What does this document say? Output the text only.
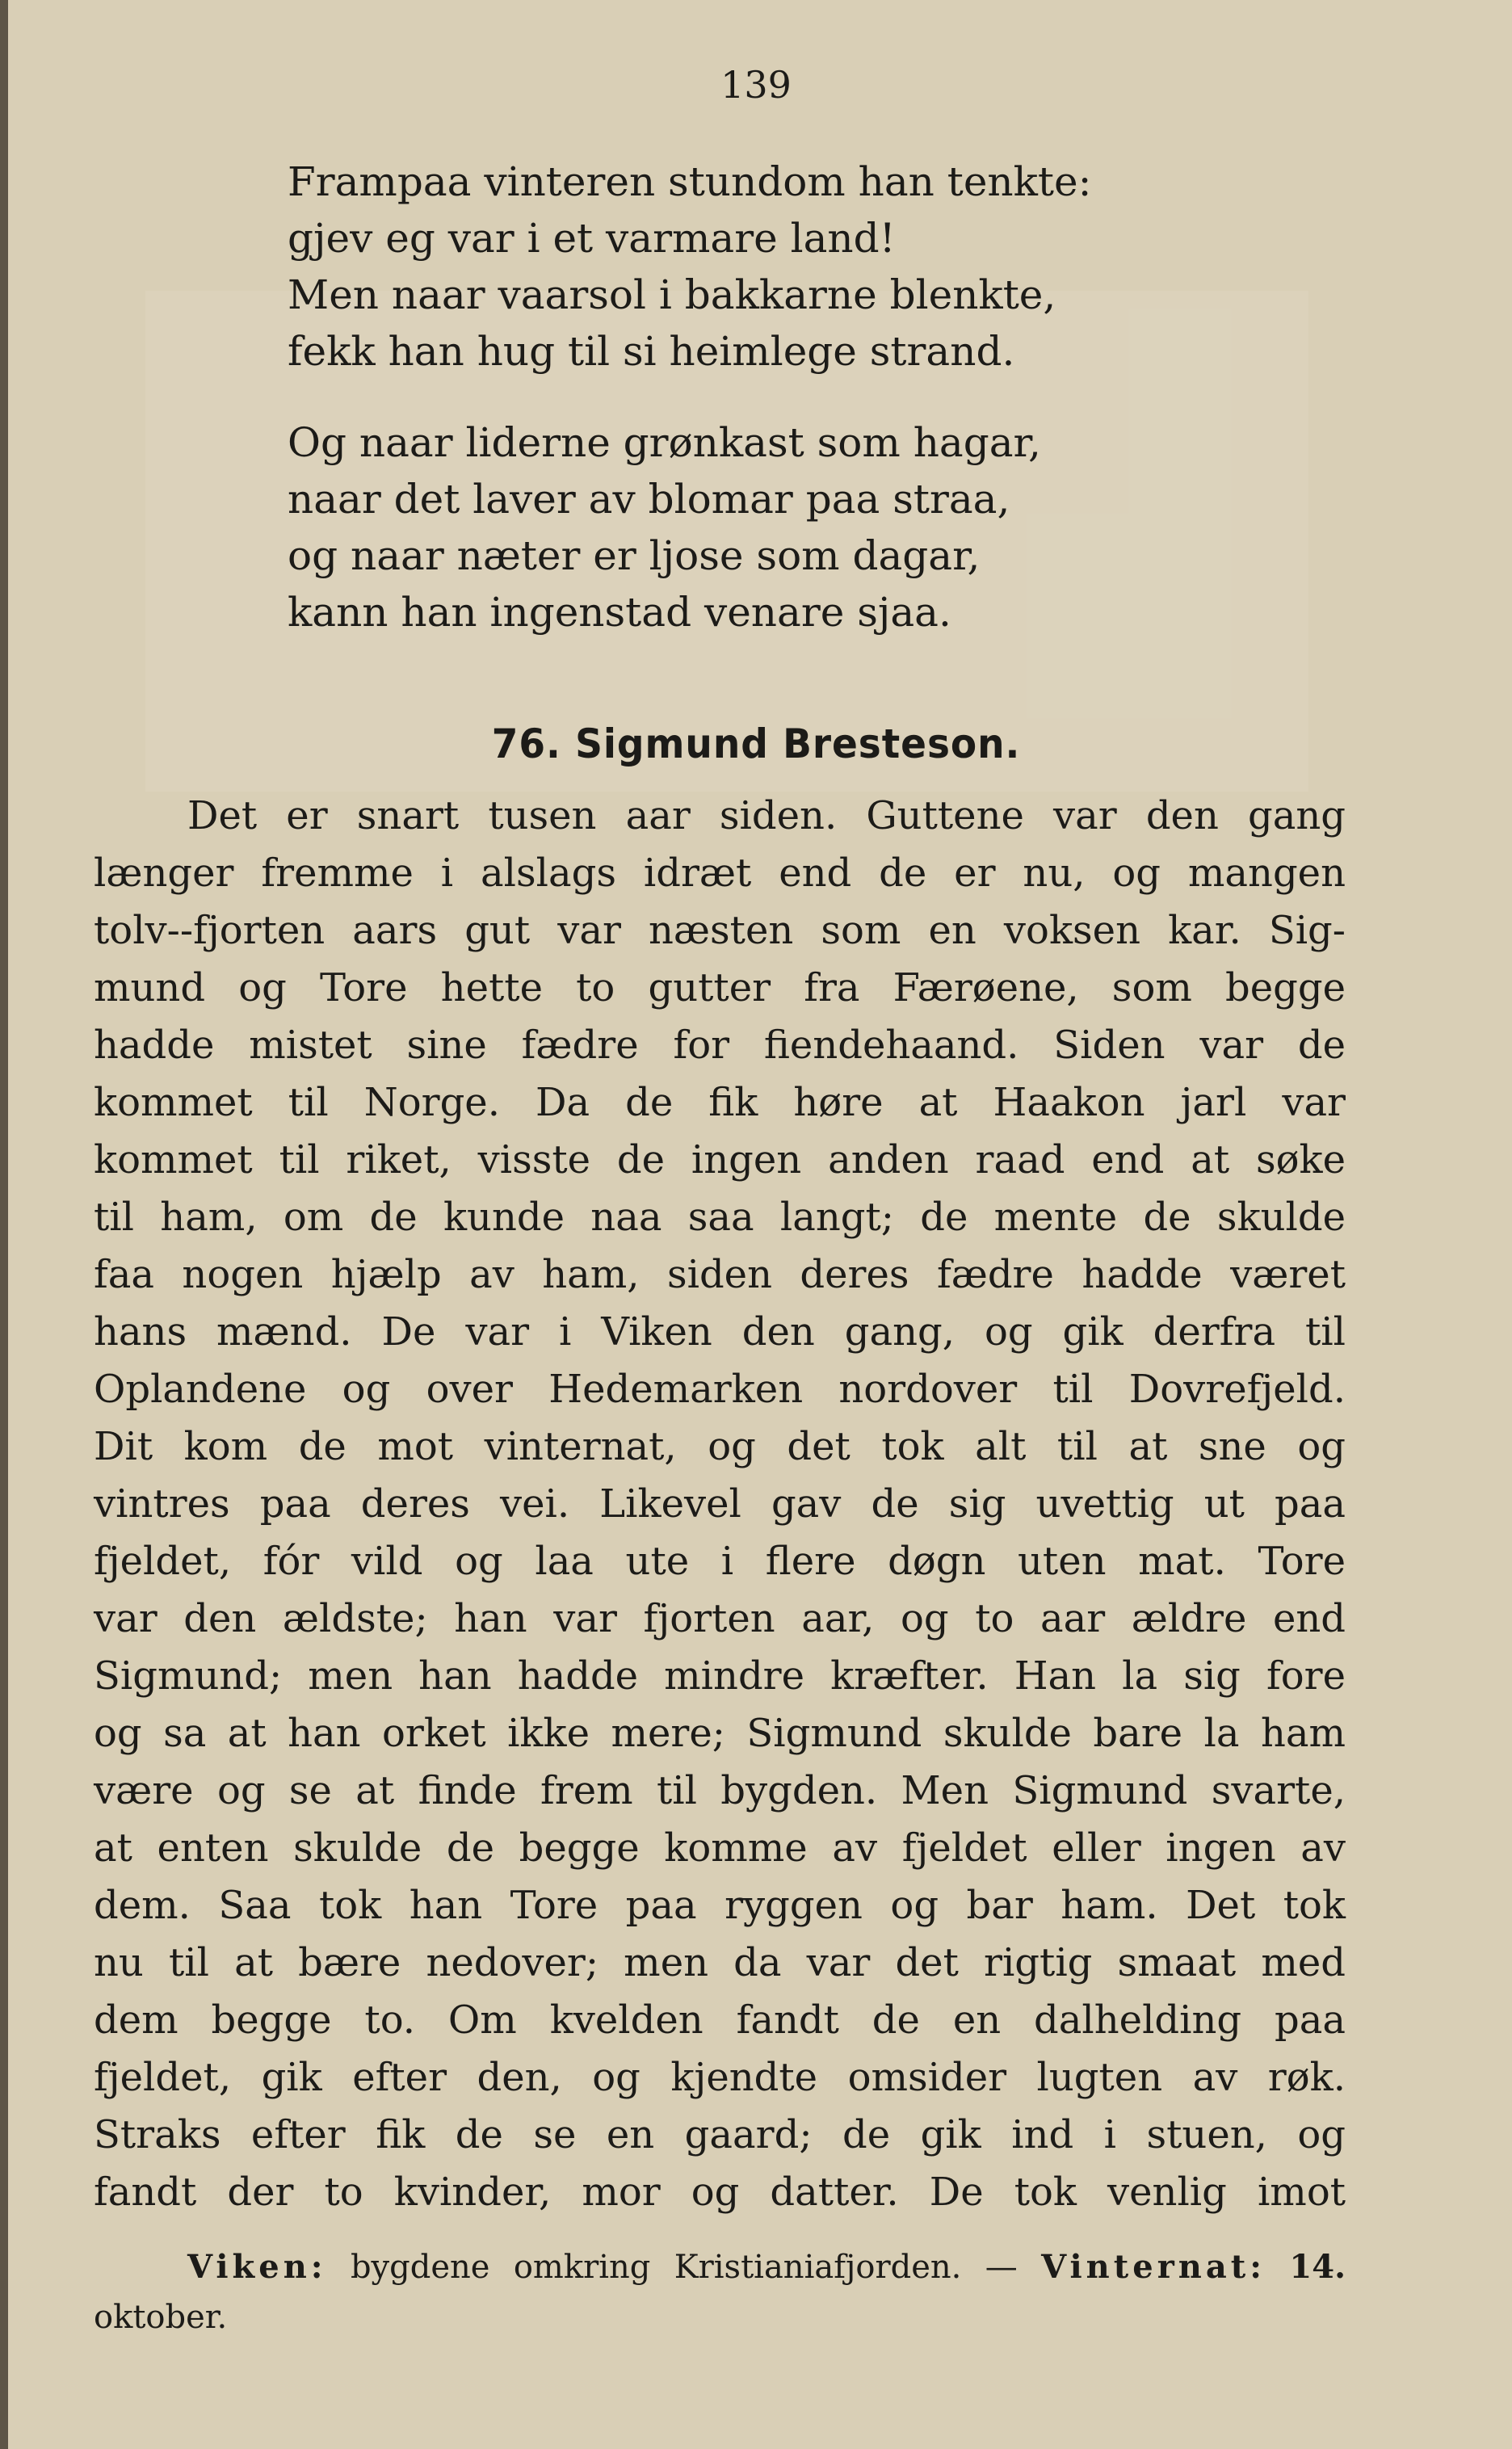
139
Frampaa vinteren stundom han tenkte:
gjev eg var i et varmare land!
Men naar vaarsol i bakkarne blenkte,
fekk han hug til si heimlege strand.
Og naar liderne grønkast som hagar,
naar det laver av blomar paa straa,
og naar næter er ljose som dagar,
kann han ingenstad venare sjaa.
76. Sigmund Bresteson.
Det er snart tusen aar siden. Guttene var den gang
længer fremme i alslags idræt end de er nu, og mangen
tolv--fjorten aars gut var næsten som en voksen kar. Sig-
mund og Tore hette to gutter fra Færøene, som begge
hadde mistet sine fædre for fiendehaand. Siden var de
kommet til Norge. Da de fik høre at Haakon jarl var
kommet til riket, visste de ingen anden raad end at søke
til ham, om de kunde naa saa langt; de mente de skulde
faa nogen hjælp av ham, siden deres fædre hadde været
hans mænd. De var i Viken den gang, og gik derfra til
Oplandene og over Hedemarken nordover til Dovrefjeld.
Dit kom de mot vinternat, og det tok alt til at sne og
vintres paa deres vei. Likevel gav de sig uvettig ut paa
fjeldet, fór vild og laa ute i flere døgn uten mat. Tore
var den ældste; han var fjorten aar, og to aar ældre end
Sigmund; men han hadde mindre kræfter. Han la sig fore
og sa at han orket ikke mere; Sigmund skulde bare la ham
være og se at finde frem til bygden. Men Sigmund svarte,
at enten skulde de begge komme av fjeldet eller ingen av
dem. Saa tok han Tore paa ryggen og bar ham. Det tok
nu til at bære nedover; men da var det rigtig smaat med
dem begge to. Om kvelden fandt de en dalhelding paa
fjeldet, gik efter den, og kjendte omsider lugten av røk.
Straks efter fik de se en gaard; de gik ind i stuen, og
fandt der to kvinder, mor og datter. De tok venlig imot
Viken: bygdene omkring Kristianiafjorden. — Vinternat: 14.
oktober.
